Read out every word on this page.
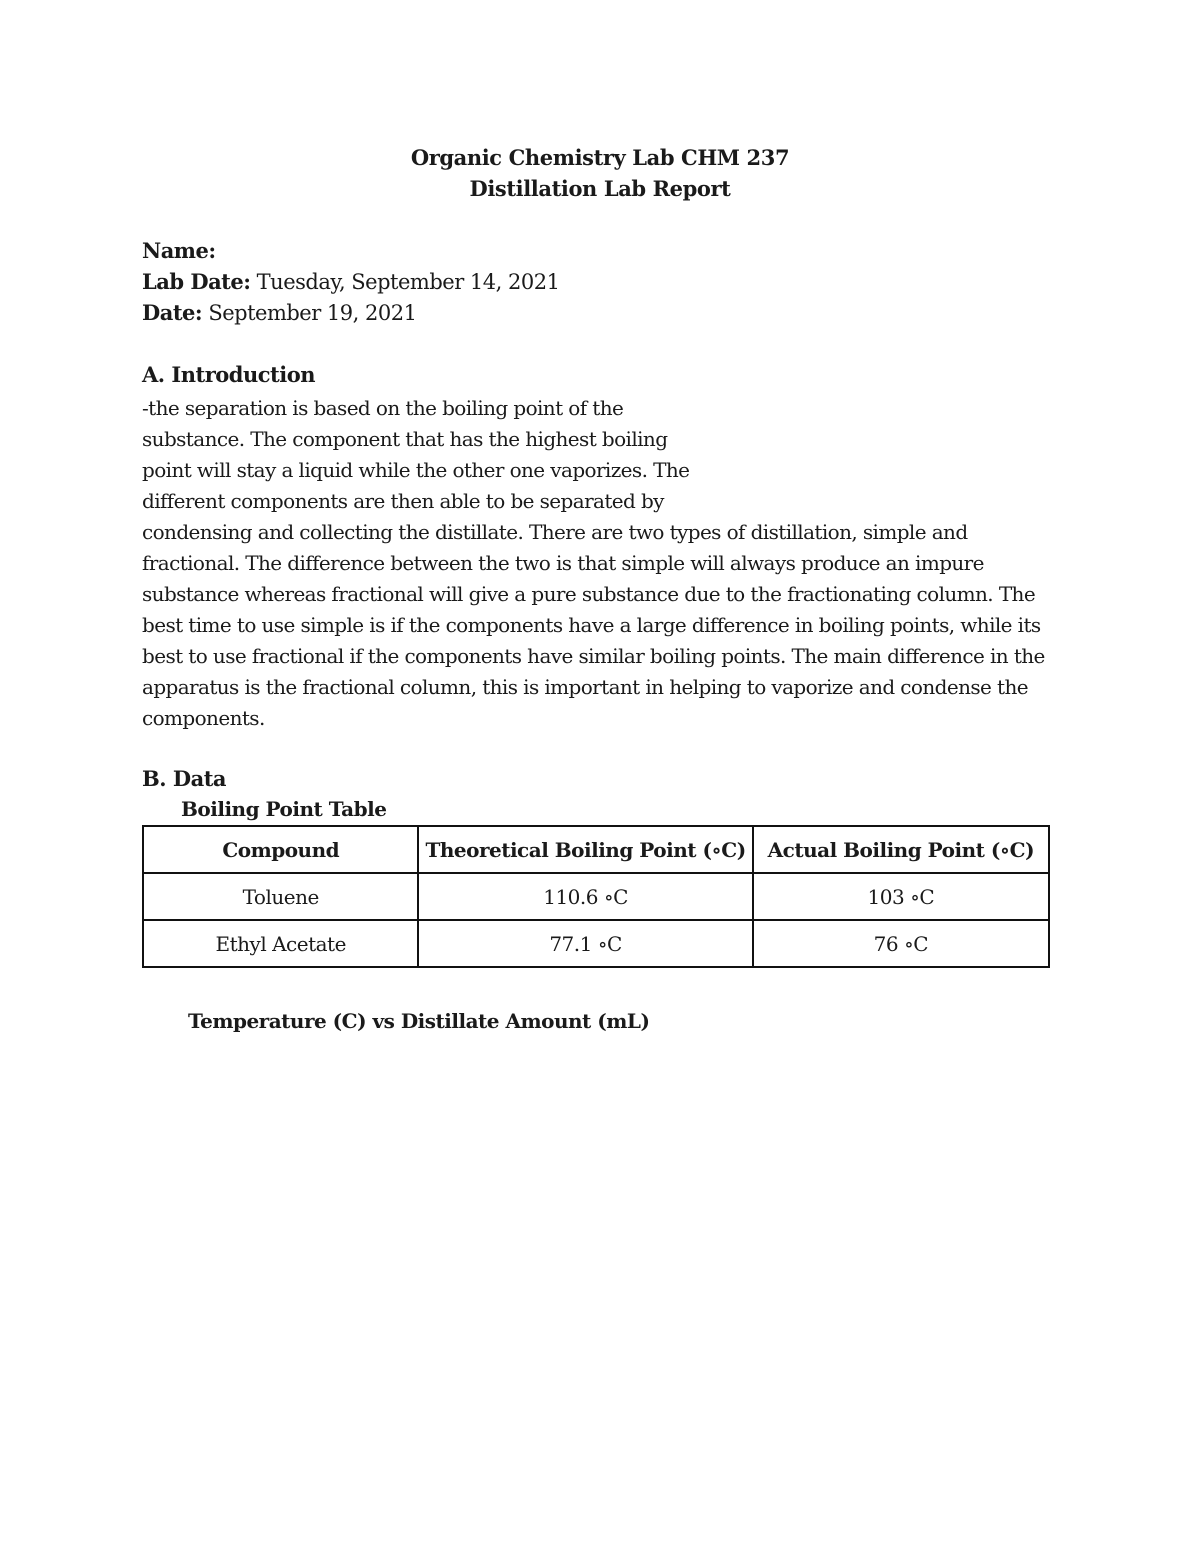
Organic Chemistry Lab CHM 237
Distillation Lab Report
Name:
Lab Date: Tuesday, September 14, 2021
Date: September 19, 2021
A. Introduction
-the separation is based on the boiling point of the
substance. The component that has the highest boiling
point will stay a liquid while the other one vaporizes. The
different components are then able to be separated by
condensing and collecting the distillate. There are two types of distillation, simple and
fractional. The difference between the two is that simple will always produce an impure
substance whereas fractional will give a pure substance due to the fractionating column. The
best time to use simple is if the components have a large difference in boiling points, while its
best to use fractional if the components have similar boiling points. The main difference in the
apparatus is the fractional column, this is important in helping to vaporize and condense the
components.
B. Data
Boiling Point Table
Compound	Theoretical Boiling Point (∘C)	Actual Boiling Point (∘C)
Toluene	110.6 ∘C	103 ∘C
Ethyl Acetate	77.1 ∘C	76 ∘C
Temperature (C) vs Distillate Amount (mL)
